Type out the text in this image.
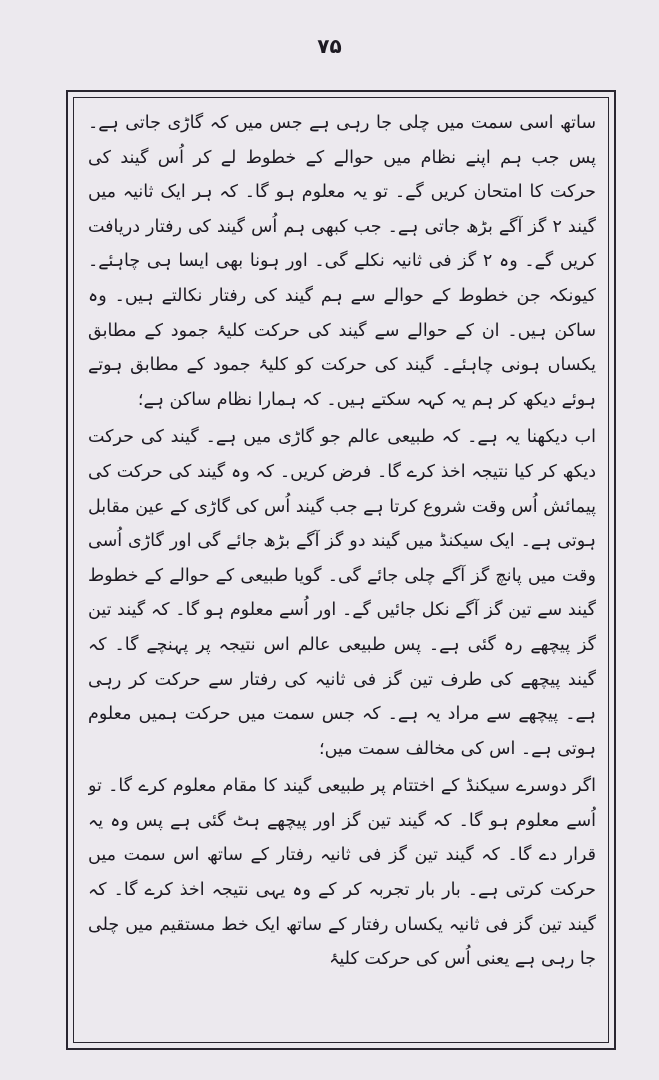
۷۵

ساتھ اسی سمت میں چلی جا رہی ہے جس میں کہ گاڑی جاتی ہے۔ پس جب ہم اپنے نظام میں حوالے کے خطوط لے کر اُس گیند کی حرکت کا امتحان کریں گے۔ تو یہ معلوم ہو گا۔ کہ ہر ایک ثانیہ میں گیند ۲ گز آگے بڑھ جاتی ہے۔ جب کبھی ہم اُس گیند کی رفتار دریافت کریں گے۔ وہ ۲ گز فی ثانیہ نکلے گی۔ اور ہونا بھی ایسا ہی چاہئے۔ کیونکہ جن خطوط کے حوالے سے ہم گیند کی رفتار نکالتے ہیں۔ وہ ساکن ہیں۔ ان کے حوالے سے گیند کی حرکت کلیۂ جمود کے مطابق یکساں ہونی چاہئے۔ گیند کی حرکت کو کلیۂ جمود کے مطابق ہوتے ہوئے دیکھ کر ہم یہ کہہ سکتے ہیں۔ کہ ہمارا نظام ساکن ہے؛

اب دیکھنا یہ ہے۔ کہ طبیعی عالم جو گاڑی میں ہے۔ گیند کی حرکت دیکھ کر کیا نتیجہ اخذ کرے گا۔ فرض کریں۔ کہ وہ گیند کی حرکت کی پیمائش اُس وقت شروع کرتا ہے جب گیند اُس کی گاڑی کے عین مقابل ہوتی ہے۔ ایک سیکنڈ میں گیند دو گز آگے بڑھ جائے گی اور گاڑی اُسی وقت میں پانچ گز آگے چلی جائے گی۔ گویا طبیعی کے حوالے کے خطوط گیند سے تین گز آگے نکل جائیں گے۔ اور اُسے معلوم ہو گا۔ کہ گیند تین گز پیچھے رہ گئی ہے۔ پس طبیعی عالم اس نتیجہ پر پہنچے گا۔ کہ گیند پیچھے کی طرف تین گز فی ثانیہ کی رفتار سے حرکت کر رہی ہے۔ پیچھے سے مراد یہ ہے۔ کہ جس سمت میں حرکت ہمیں معلوم ہوتی ہے۔ اس کی مخالف سمت میں؛

اگر دوسرے سیکنڈ کے اختتام پر طبیعی گیند کا مقام معلوم کرے گا۔ تو اُسے معلوم ہو گا۔ کہ گیند تین گز اور پیچھے ہٹ گئی ہے پس وہ یہ قرار دے گا۔ کہ گیند تین گز فی ثانیہ رفتار کے ساتھ اس سمت میں حرکت کرتی ہے۔ بار بار تجربہ کر کے وہ یہی نتیجہ اخذ کرے گا۔ کہ گیند تین گز فی ثانیہ یکساں رفتار کے ساتھ ایک خط مستقیم میں چلی جا رہی ہے یعنی اُس کی حرکت کلیۂ
